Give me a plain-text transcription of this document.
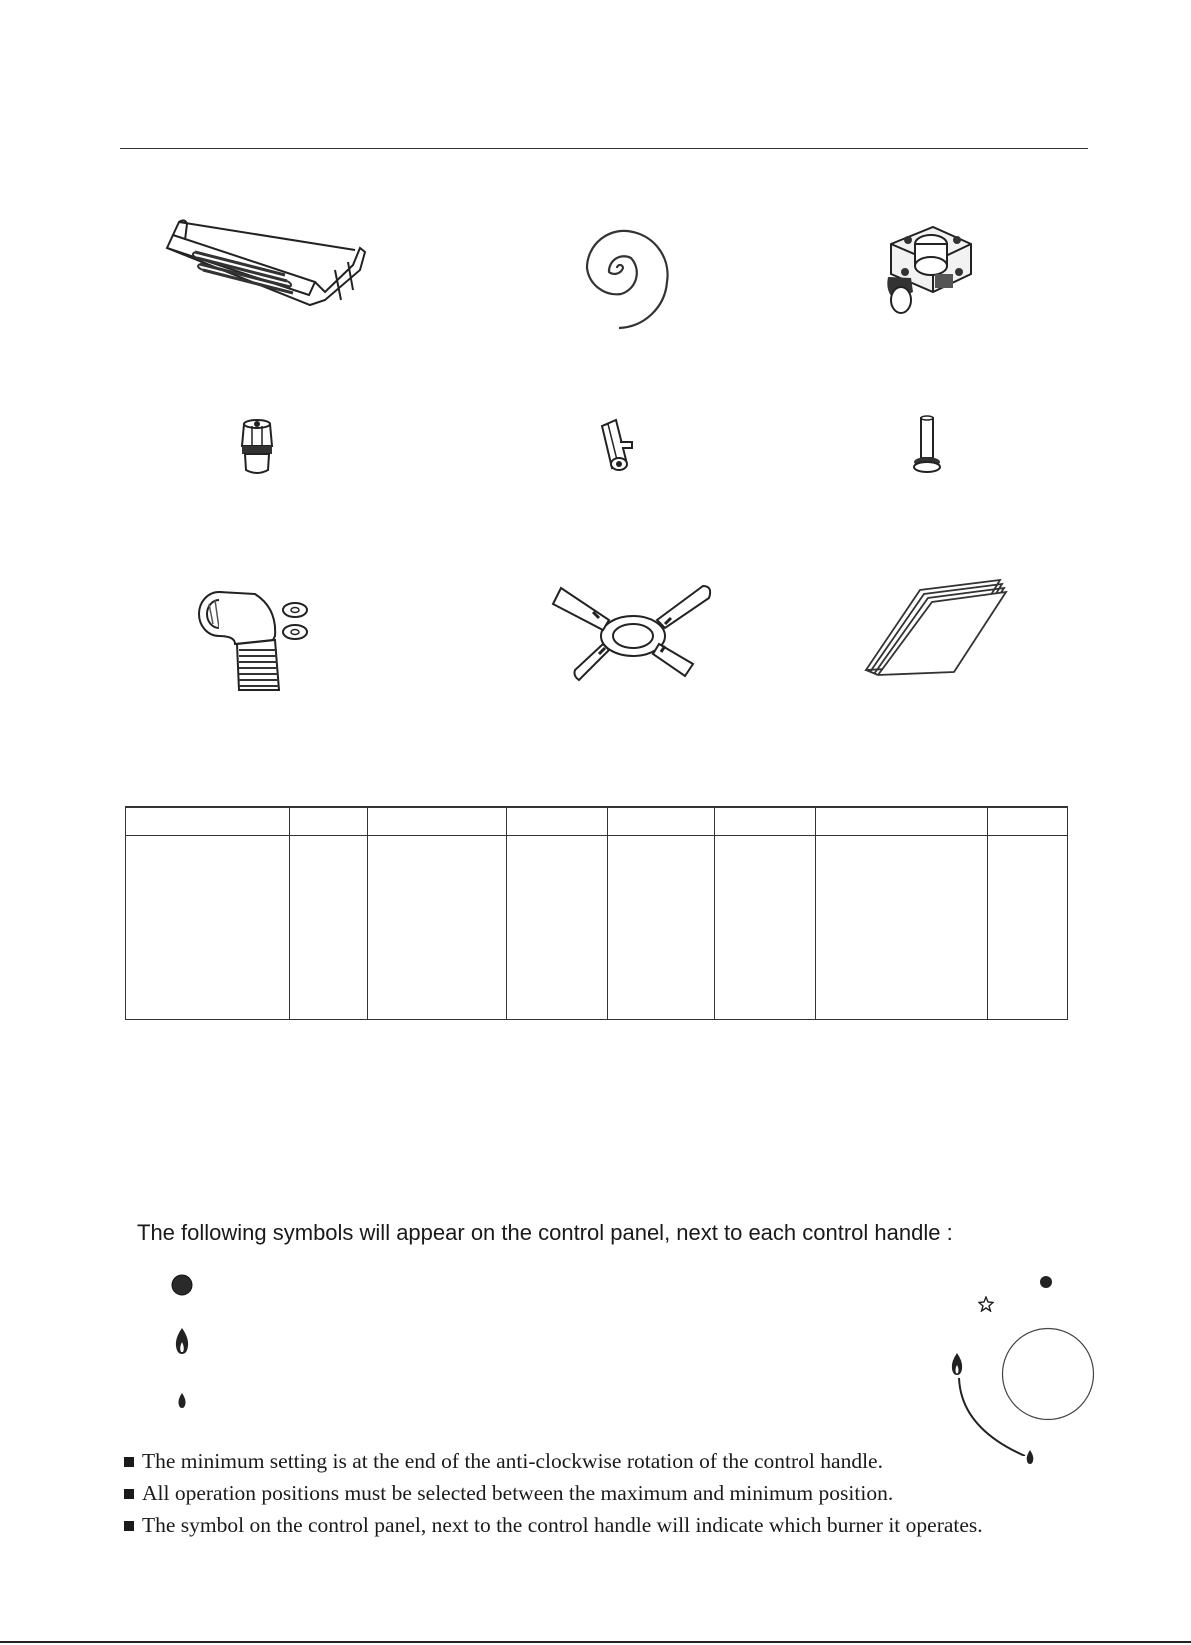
The following symbols will appear on the control panel, next to each control handle :
The minimum setting is at the end of the anti-clockwise rotation of the control handle.
All operation positions must be selected between the maximum and minimum position.
The symbol on the control panel, next to the control handle will indicate which burner it operates.
